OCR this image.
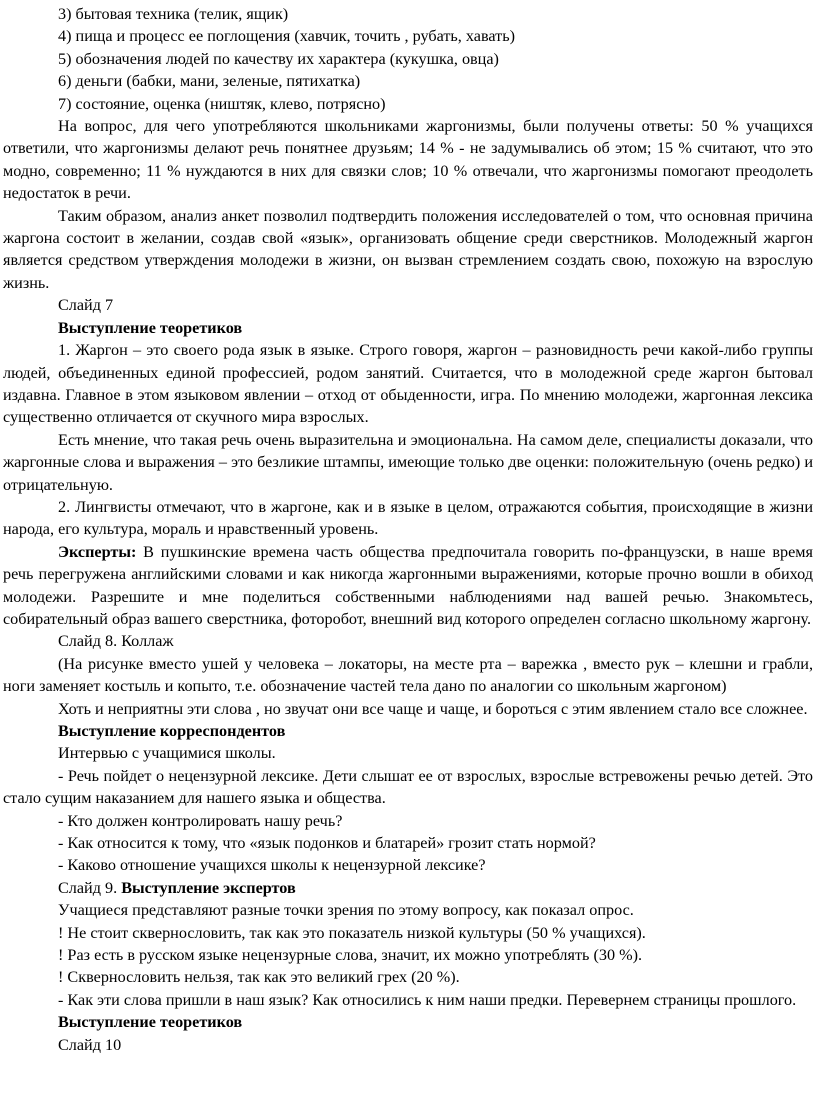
3) бытовая техника (телик, ящик)

4) пища и процесс ее поглощения (хавчик, точить , рубать, хавать)

5) обозначения людей по качеству их характера (кукушка, овца)

6) деньги (бабки, мани, зеленые, пятихатка)

7) состояние, оценка (ништяк, клево, потрясно)

На вопрос, для чего употребляются школьниками жаргонизмы, были получены ответы: 50 % учащихся ответили, что жаргонизмы делают речь понятнее друзьям; 14 % - не задумывались об этом; 15 % считают, что это модно, современно; 11 % нуждаются в них для связки слов; 10 % отвечали, что жаргонизмы помогают преодолеть недостаток в речи.

Таким образом, анализ анкет позволил подтвердить положения исследователей о том, что основная причина жаргона состоит в желании, создав свой «язык», организовать общение среди сверстников. Молодежный жаргон является средством утверждения молодежи в жизни, он вызван стремлением создать свою, похожую на взрослую жизнь.

Слайд 7

Выступление теоретиков

1. Жаргон – это своего рода язык в языке. Строго говоря, жаргон – разновидность речи какой-либо группы людей, объединенных единой профессией, родом занятий. Считается, что в молодежной среде жаргон бытовал издавна. Главное в этом языковом явлении – отход от обыденности, игра. По мнению молодежи, жаргонная лексика существенно отличается от скучного мира взрослых.

Есть мнение, что такая речь очень выразительна и эмоциональна. На самом деле, специалисты доказали, что жаргонные слова и выражения – это безликие штампы, имеющие только две оценки: положительную (очень редко) и отрицательную.

2. Лингвисты отмечают, что в жаргоне, как и в языке в целом, отражаются события, происходящие в жизни народа, его культура, мораль и нравственный уровень.

Эксперты: В пушкинские времена часть общества предпочитала говорить по-французски, в наше время речь перегружена английскими словами и как никогда жаргонными выражениями, которые прочно вошли в обиход молодежи. Разрешите и мне поделиться собственными наблюдениями над вашей речью. Знакомьтесь, собирательный образ вашего сверстника, фоторобот, внешний вид которого определен согласно школьному жаргону.

Слайд 8. Коллаж

(На рисунке вместо ушей у человека – локаторы, на месте рта – варежка , вместо рук – клешни и грабли, ноги заменяет костыль и копыто, т.е. обозначение частей тела дано по аналогии со школьным жаргоном)

Хоть и неприятны эти слова , но звучат они все чаще и чаще, и бороться с этим явлением стало все сложнее.

Выступление корреспондентов

Интервью с учащимися школы.

- Речь пойдет о нецензурной лексике. Дети слышат ее от взрослых, взрослые встревожены речью детей. Это стало сущим наказанием для нашего языка и общества.

- Кто должен контролировать нашу речь?

- Как относится к тому, что «язык подонков и блатарей» грозит стать нормой?

- Каково отношение учащихся школы к нецензурной лексике?

Слайд 9. Выступление экспертов

Учащиеся представляют разные точки зрения по этому вопросу, как показал опрос.

! Не стоит сквернословить, так как это показатель низкой культуры (50 % учащихся).

! Раз есть в русском языке нецензурные слова, значит, их можно употреблять (30 %).

! Сквернословить нельзя, так как это великий грех (20 %).

- Как эти слова пришли в наш язык? Как относились к ним наши предки. Перевернем страницы прошлого.

Выступление теоретиков

Слайд 10
